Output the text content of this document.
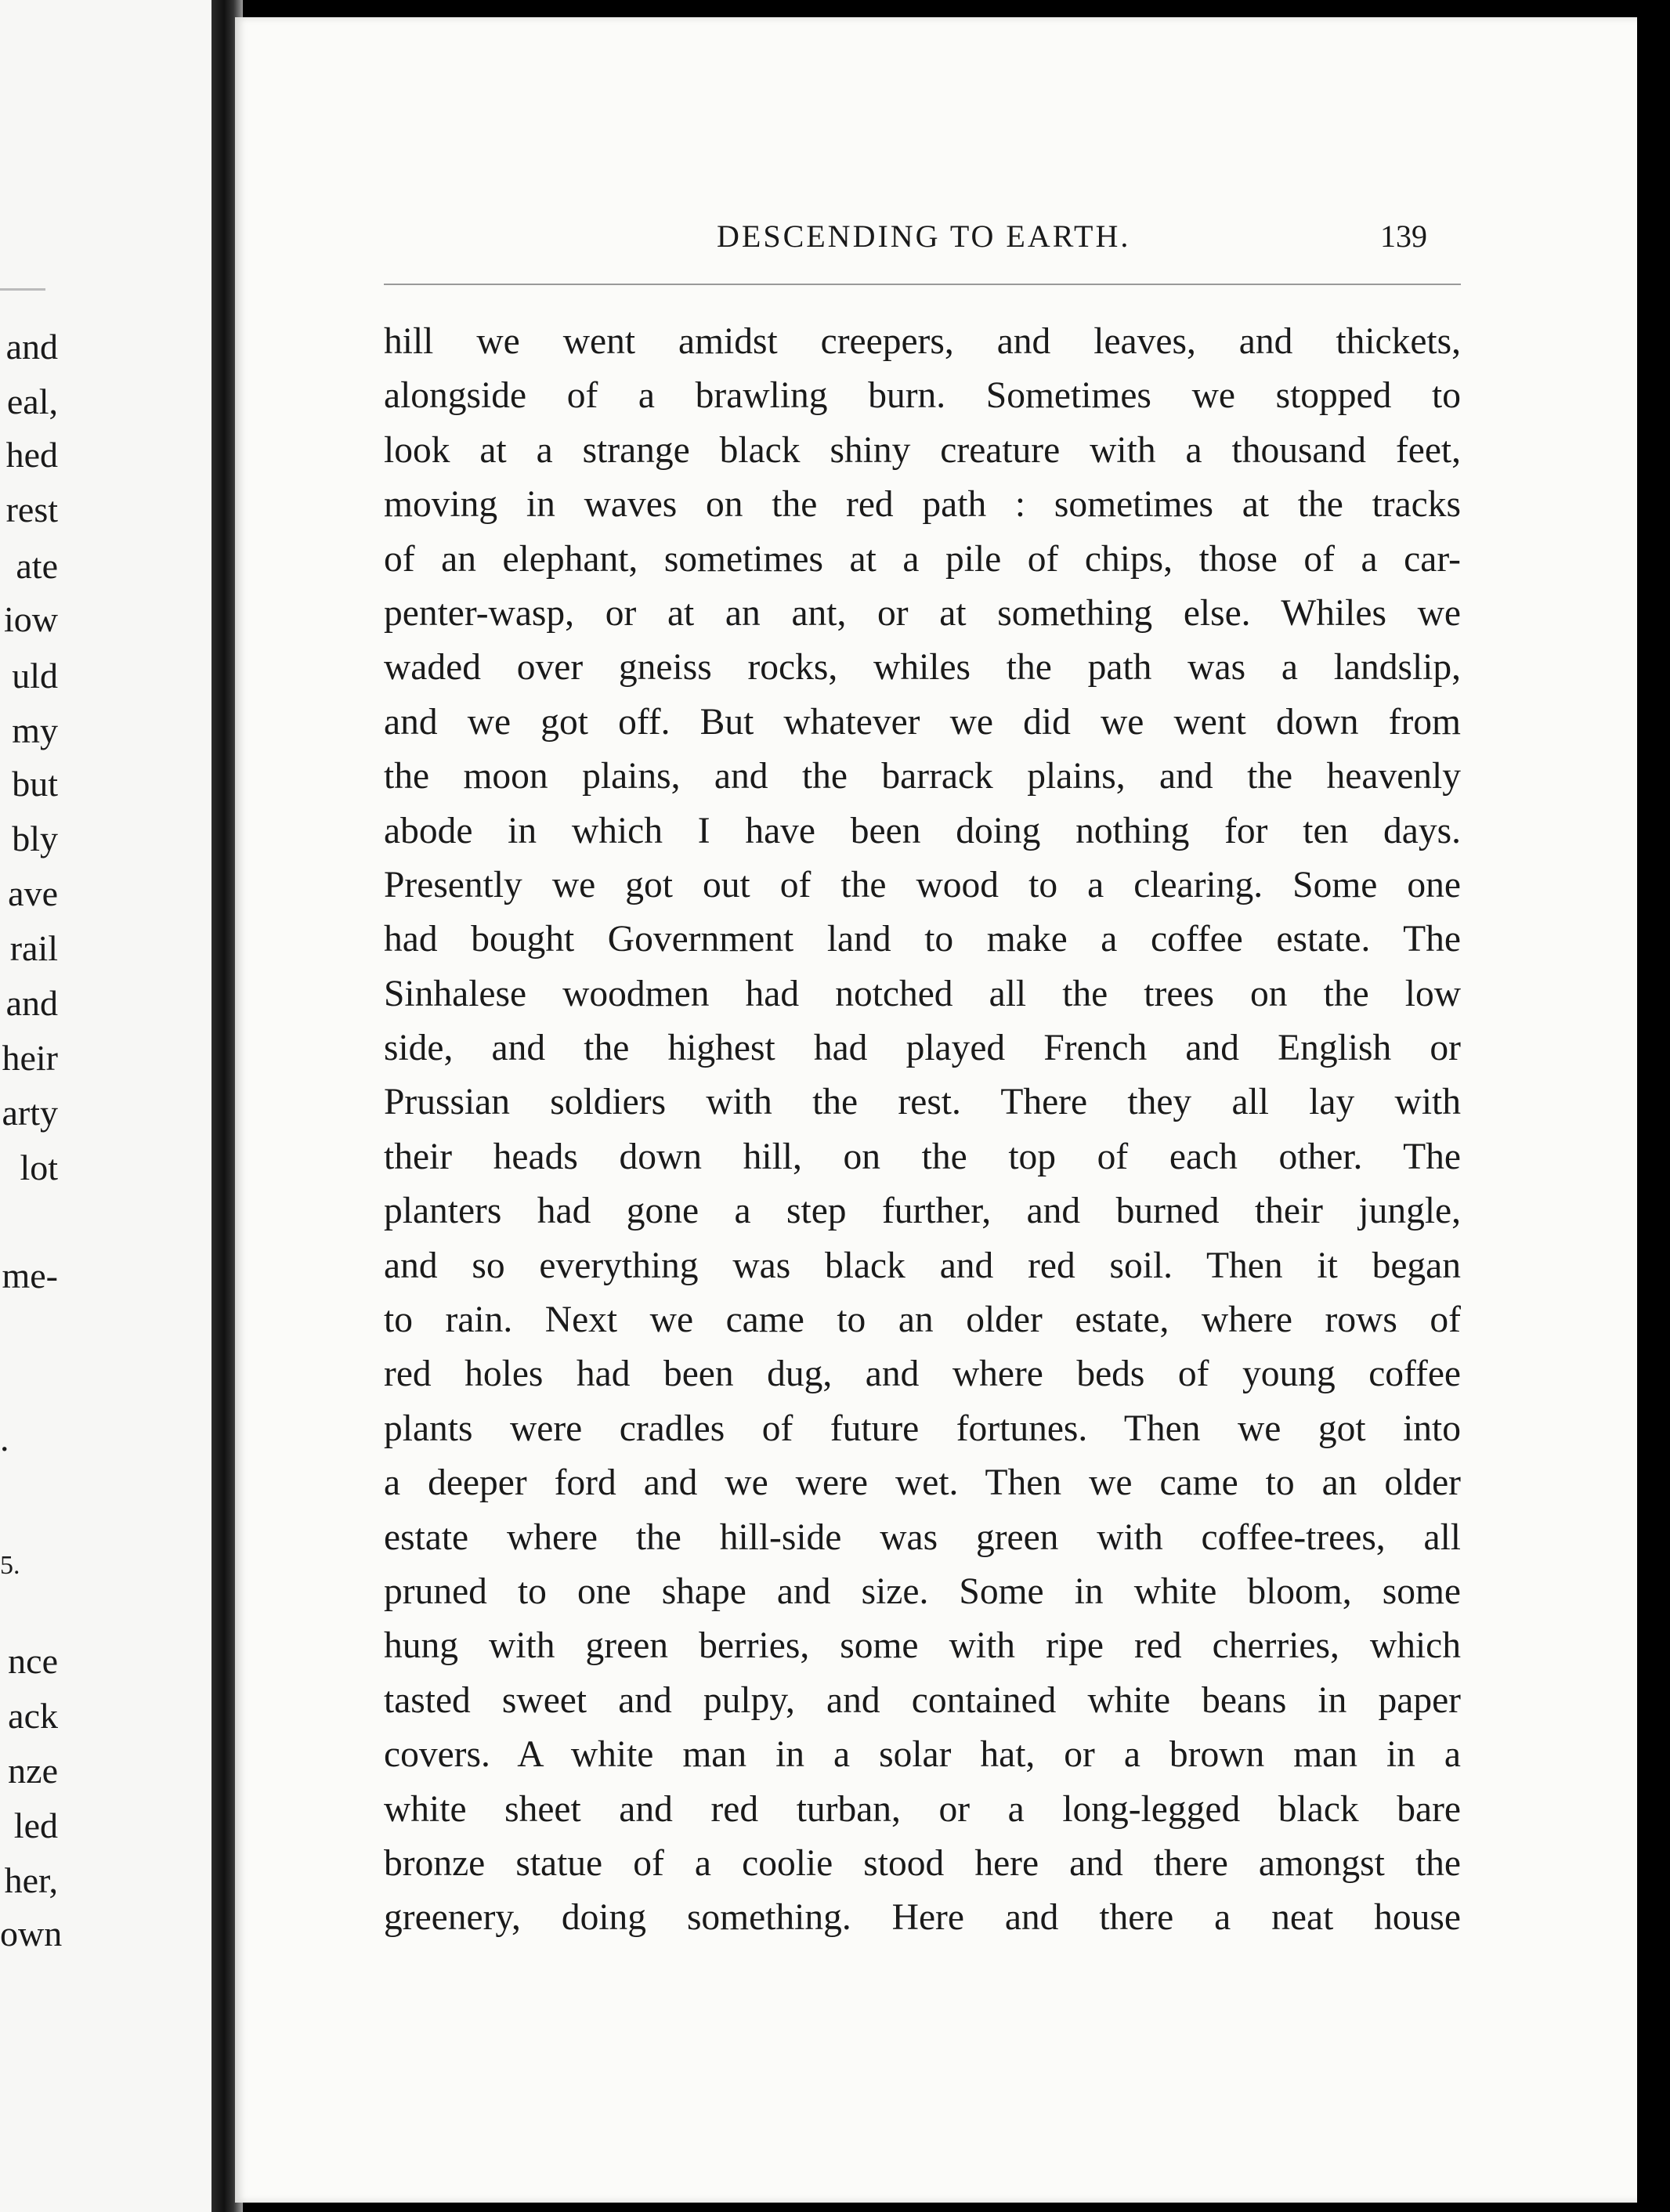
and
eal,
hed
rest
ate
iow
uld
my
but
bly
ave
rail
and
heir
arty
lot
me-
.
5.
nce
ack
nze
led
her,
own
DESCENDING TO EARTH.	139
hill we went amidst creepers, and leaves, and thickets,
alongside of a brawling burn. Sometimes we stopped to
look at a strange black shiny creature with a thousand feet,
moving in waves on the red path : sometimes at the tracks
of an elephant, sometimes at a pile of chips, those of a car-
penter-wasp, or at an ant, or at something else. Whiles we
waded over gneiss rocks, whiles the path was a landslip,
and we got off. But whatever we did we went down from
the moon plains, and the barrack plains, and the heavenly
abode in which I have been doing nothing for ten days.
Presently we got out of the wood to a clearing. Some one
had bought Government land to make a coffee estate. The
Sinhalese woodmen had notched all the trees on the low
side, and the highest had played French and English or
Prussian soldiers with the rest. There they all lay with
their heads down hill, on the top of each other. The
planters had gone a step further, and burned their jungle,
and so everything was black and red soil. Then it began
to rain. Next we came to an older estate, where rows of
red holes had been dug, and where beds of young coffee
plants were cradles of future fortunes. Then we got into
a deeper ford and we were wet. Then we came to an older
estate where the hill-side was green with coffee-trees, all
pruned to one shape and size. Some in white bloom, some
hung with green berries, some with ripe red cherries, which
tasted sweet and pulpy, and contained white beans in paper
covers. A white man in a solar hat, or a brown man in a
white sheet and red turban, or a long-legged black bare
bronze statue of a coolie stood here and there amongst the
greenery, doing something. Here and there a neat house
